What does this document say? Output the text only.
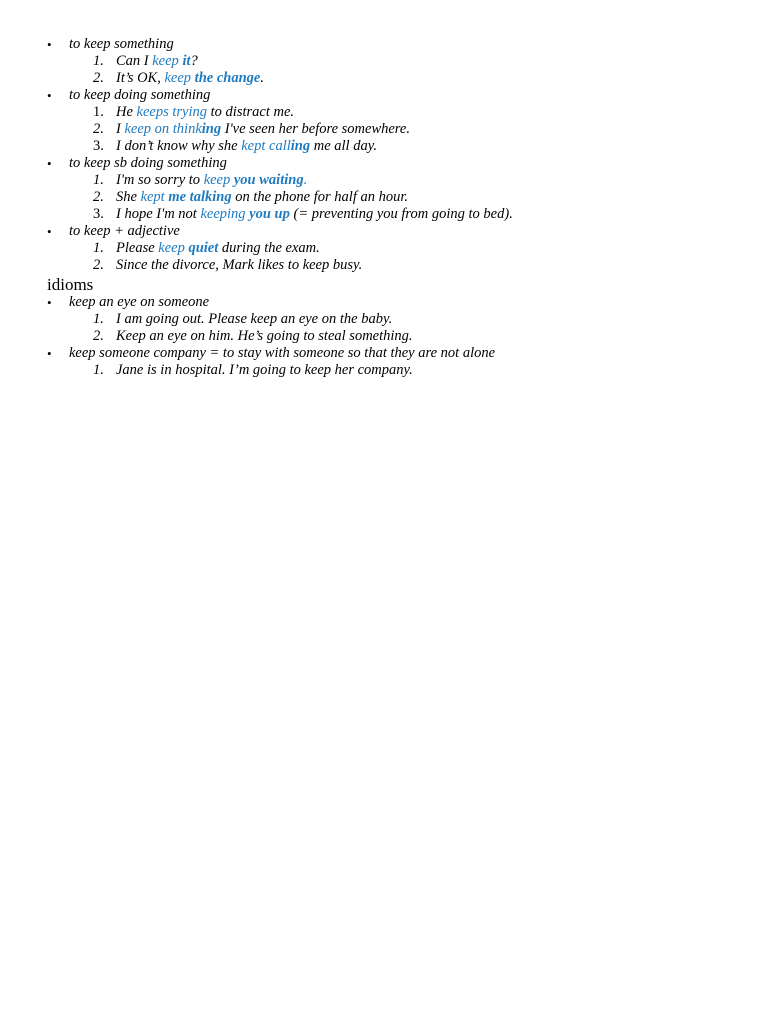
• to keep something
1. Can I keep it?
2. It’s OK, keep the change.
• to keep doing something
1. He keeps trying to distract me.
2. I keep on thinking I've seen her before somewhere.
3. I don’t know why she kept calling me all day.
• to keep sb doing something
1. I'm so sorry to keep you waiting.
2. She kept me talking on the phone for half an hour.
3. I hope I'm not keeping you up (= preventing you from going to bed).
• to keep + adjective
1. Please keep quiet during the exam.
2. Since the divorce, Mark likes to keep busy.
idioms
• keep an eye on someone
1. I am going out. Please keep an eye on the baby.
2. Keep an eye on him. He’s going to steal something.
• keep someone company = to stay with someone so that they are not alone
1. Jane is in hospital. I’m going to keep her company.
